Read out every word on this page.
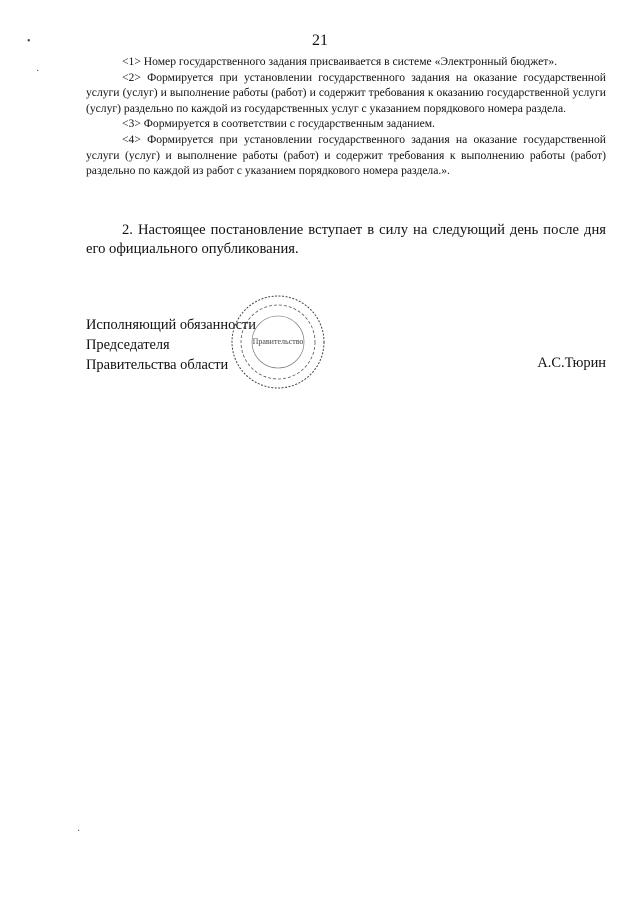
21

<1> Номер государственного задания присваивается в системе «Электронный бюджет».

<2> Формируется при установлении государственного задания на оказание государственной услуги (услуг) и выполнение работы (работ) и содержит требования к оказанию государственной услуги (услуг) раздельно по каждой из государственных услуг с указанием порядкового номера раздела.

<3> Формируется в соответствии с государственным заданием.

<4> Формируется при установлении государственного задания на оказание государственной услуги (услуг) и выполнение работы (работ) и содержит требования к выполнению работы (работ) раздельно по каждой из работ с указанием порядкового номера раздела.».

2. Настоящее постановление вступает в силу на следующий день после дня его официального опубликования.

Исполняющий обязанности
Председателя
Правительства области
Правительство
А.С.Тюрин
•
·
·
